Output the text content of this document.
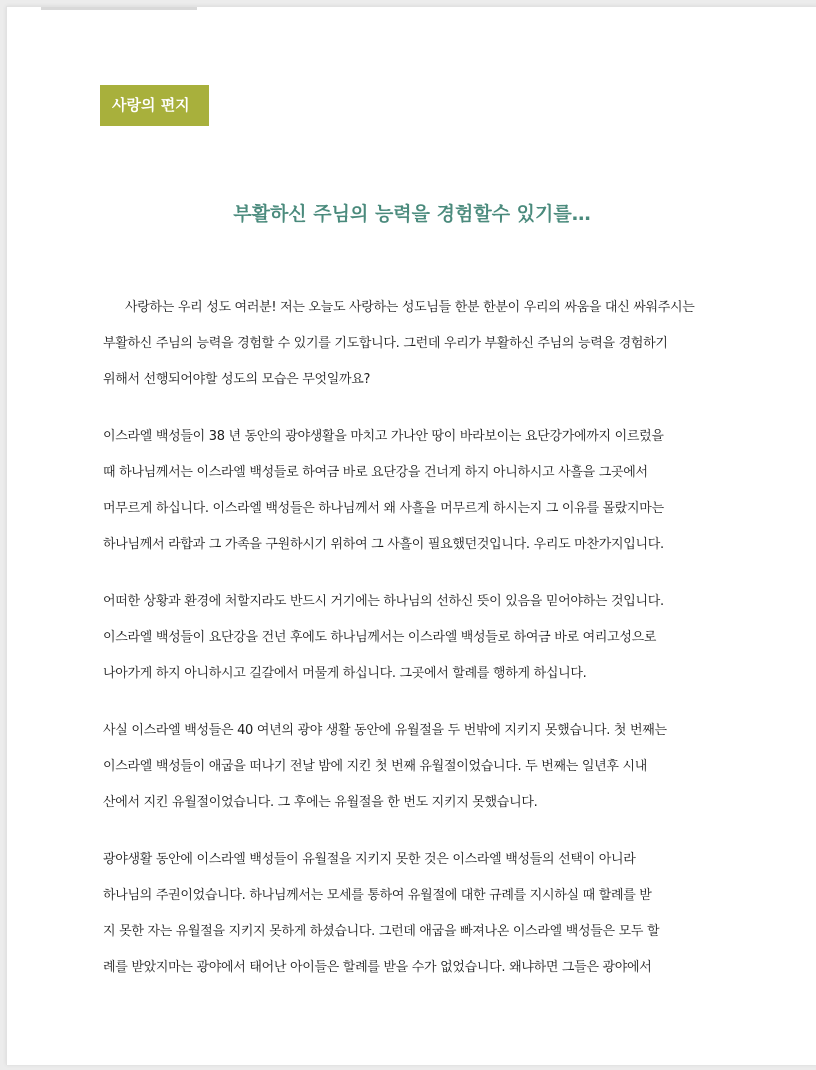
사랑의 편지
부활하신 주님의 능력을 경험할수 있기를…
사랑하는 우리 성도 여러분! 저는 오늘도 사랑하는 성도님들 한분 한분이 우리의 싸움을 대신 싸워주시는
부활하신 주님의 능력을 경험할 수 있기를 기도합니다. 그런데 우리가 부활하신 주님의 능력을 경험하기
위해서 선행되어야할 성도의 모습은 무엇일까요?
이스라엘 백성들이 38 년 동안의 광야생활을 마치고 가나안 땅이 바라보이는 요단강가에까지 이르렀을
때 하나님께서는 이스라엘 백성들로 하여금 바로 요단강을 건너게 하지 아니하시고 사흘을 그곳에서
머무르게 하십니다. 이스라엘 백성들은 하나님께서 왜 사흘을 머무르게 하시는지 그 이유를 몰랐지마는
하나님께서 라합과 그 가족을 구원하시기 위하여 그 사흘이 필요했던것입니다. 우리도 마찬가지입니다.
어떠한 상황과 환경에 처할지라도 반드시 거기에는 하나님의 선하신 뜻이 있음을 믿어야하는 것입니다.
이스라엘 백성들이 요단강을 건넌 후에도 하나님께서는 이스라엘 백성들로 하여금 바로 여리고성으로
나아가게 하지 아니하시고 길갈에서 머물게 하십니다. 그곳에서 할례를 행하게 하십니다.
사실 이스라엘 백성들은 40 여년의 광야 생활 동안에 유월절을 두 번밖에 지키지 못했습니다. 첫 번째는
이스라엘 백성들이 애굽을 떠나기 전날 밤에 지킨 첫 번째 유월절이었습니다. 두 번째는 일년후 시내
산에서 지킨 유월절이었습니다. 그 후에는 유월절을 한 번도 지키지 못했습니다.
광야생활 동안에 이스라엘 백성들이 유월절을 지키지 못한 것은 이스라엘 백성들의 선택이 아니라
하나님의 주권이었습니다. 하나님께서는 모세를 통하여 유월절에 대한 규례를 지시하실 때 할례를 받
지 못한 자는 유월절을 지키지 못하게 하셨습니다. 그런데 애굽을 빠져나온 이스라엘 백성들은 모두 할
례를 받았지마는 광야에서 태어난 아이들은 할례를 받을 수가 없었습니다. 왜냐하면 그들은 광야에서
